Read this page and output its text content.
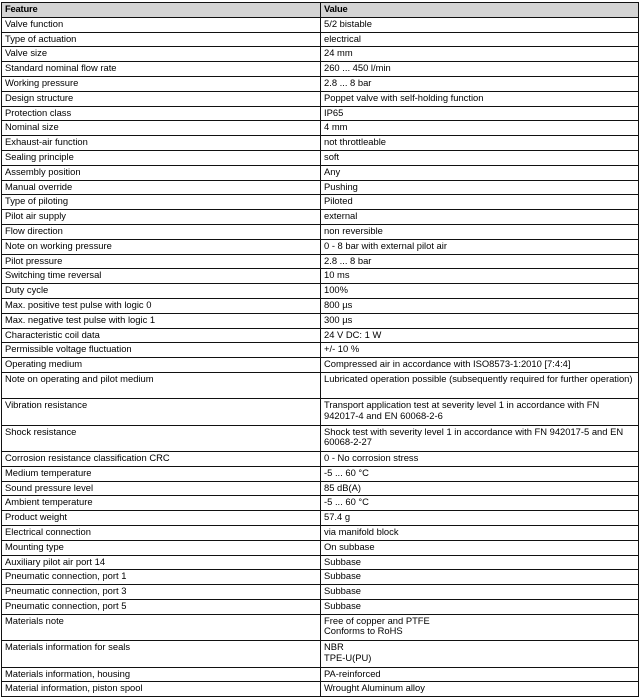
Feature	Value
Valve function	5/2 bistable
Type of actuation	electrical
Valve size	24 mm
Standard nominal flow rate	260 ... 450 l/min
Working pressure	2.8 ... 8 bar
Design structure	Poppet valve with self-holding function
Protection class	IP65
Nominal size	4 mm
Exhaust-air function	not throttleable
Sealing principle	soft
Assembly position	Any
Manual override	Pushing
Type of piloting	Piloted
Pilot air supply	external
Flow direction	non reversible
Note on working pressure	0 - 8 bar with external pilot air
Pilot pressure	2.8 ... 8 bar
Switching time reversal	10 ms
Duty cycle	100%
Max. positive test pulse with logic 0	800 µs
Max. negative test pulse with logic 1	300 µs
Characteristic coil data	24 V DC: 1 W
Permissible voltage fluctuation	+/- 10 %
Operating medium	Compressed air in accordance with ISO8573-1:2010 [7:4:4]
Note on operating and pilot medium	Lubricated operation possible (subsequently required for further operation)
Vibration resistance	Transport application test at severity level 1 in accordance with FN 942017-4 and EN 60068-2-6
Shock resistance	Shock test with severity level 1 in accordance with FN 942017-5 and EN 60068-2-27
Corrosion resistance classification CRC	0 - No corrosion stress
Medium temperature	-5 ... 60 °C
Sound pressure level	85 dB(A)
Ambient temperature	-5 ... 60 °C
Product weight	57.4 g
Electrical connection	via manifold block
Mounting type	On subbase
Auxiliary pilot air port 14	Subbase
Pneumatic connection, port 1	Subbase
Pneumatic connection, port 3	Subbase
Pneumatic connection, port 5	Subbase
Materials note	Free of copper and PTFE
Conforms to RoHS
Materials information for seals	NBR
TPE-U(PU)
Materials information, housing	PA-reinforced
Material information, piston spool	Wrought Aluminum alloy
